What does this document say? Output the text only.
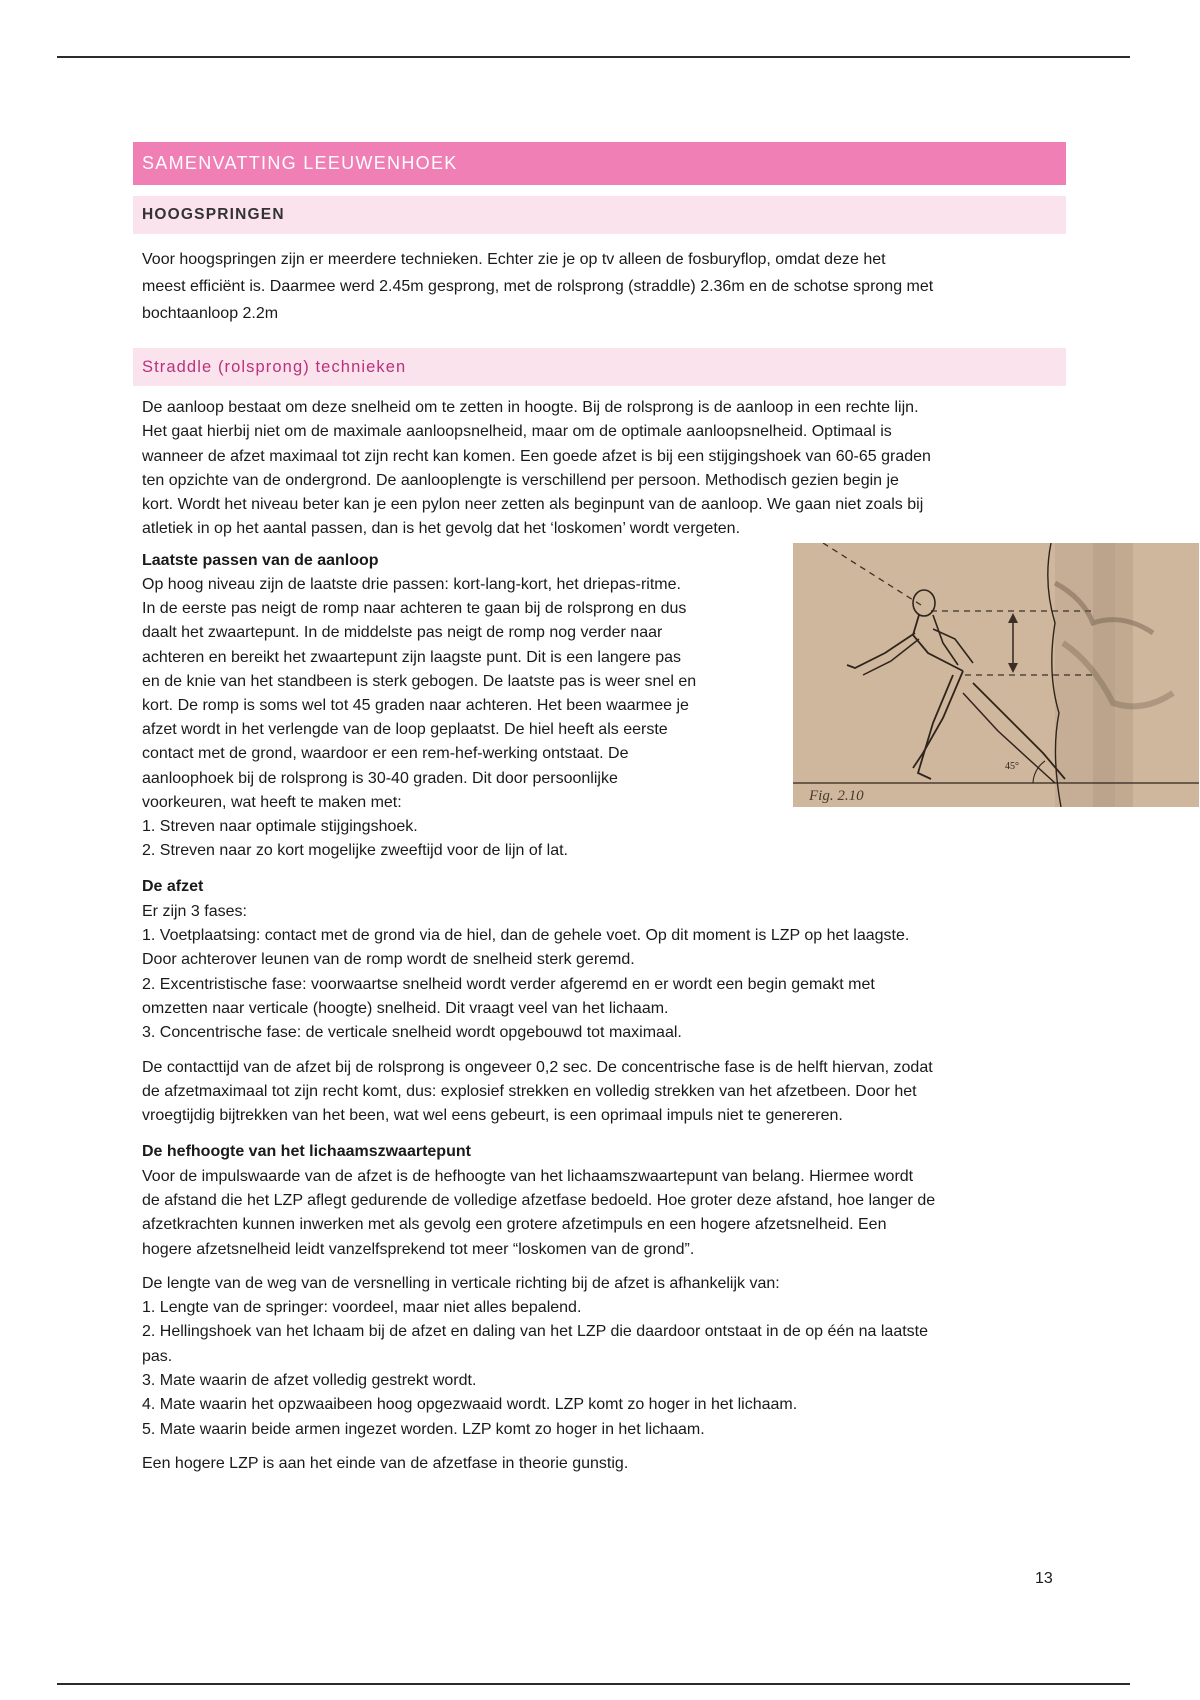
SAMENVATTING LEEUWENHOEK
HOOGSPRINGEN

Voor hoogspringen zijn er meerdere technieken. Echter zie je op tv alleen de fosburyflop, omdat deze het
meest efficiënt is. Daarmee werd 2.45m gesprong, met de rolsprong (straddle) 2.36m en de schotse sprong met
bochtaanloop 2.2m

Straddle (rolsprong) technieken

De aanloop bestaat om deze snelheid om te zetten in hoogte. Bij de rolsprong is de aanloop in een rechte lijn.
Het gaat hierbij niet om de maximale aanloopsnelheid, maar om de optimale aanloopsnelheid. Optimaal is
wanneer de afzet maximaal tot zijn recht kan komen. Een goede afzet is bij een stijgingshoek van 60-65 graden
ten opzichte van de ondergrond. De aanlooplengte is verschillend per persoon. Methodisch gezien begin je
kort. Wordt het niveau beter kan je een pylon neer zetten als beginpunt van de aanloop. We gaan niet zoals bij
atletiek in op het aantal passen, dan is het gevolg dat het ‘loskomen’ wordt vergeten.

Laatste passen van de aanloop
Op hoog niveau zijn de laatste drie passen: kort-lang-kort, het driepas-ritme.
In de eerste pas neigt de romp naar achteren te gaan bij de rolsprong en dus
daalt het zwaartepunt. In de middelste pas neigt de romp nog verder naar
achteren en bereikt het zwaartepunt zijn laagste punt. Dit is een langere pas
en de knie van het standbeen is sterk gebogen. De laatste pas is weer snel en
kort. De romp is soms wel tot 45 graden naar achteren. Het been waarmee je
afzet wordt in het verlengde van de loop geplaatst. De hiel heeft als eerste
contact met de grond, waardoor er een rem-hef-werking ontstaat. De
aanloophoek bij de rolsprong is 30-40 graden. Dit door persoonlijke
voorkeuren, wat heeft te maken met:
1. Streven naar optimale stijgingshoek.
2. Streven naar zo kort mogelijke zweeftijd voor de lijn of lat.
45°
Fig. 2.10

De afzet
Er zijn 3 fases:
1. Voetplaatsing: contact met de grond via de hiel, dan de gehele voet. Op dit moment is LZP op het laagste.
Door achterover leunen van de romp wordt de snelheid sterk geremd.
2. Excentristische fase: voorwaartse snelheid wordt verder afgeremd en er wordt een begin gemakt met
omzetten naar verticale (hoogte) snelheid. Dit vraagt veel van het lichaam.
3. Concentrische fase: de verticale snelheid wordt opgebouwd tot maximaal.

De contacttijd van de afzet bij de rolsprong is ongeveer 0,2 sec. De concentrische fase is de helft hiervan, zodat
de afzetmaximaal tot zijn recht komt, dus: explosief strekken en volledig strekken van het afzetbeen. Door het
vroegtijdig bijtrekken van het been, wat wel eens gebeurt, is een oprimaal impuls niet te genereren.

De hefhoogte van het lichaamszwaartepunt
Voor de impulswaarde van de afzet is de hefhoogte van het lichaamszwaartepunt van belang. Hiermee wordt
de afstand die het LZP aflegt gedurende de volledige afzetfase bedoeld. Hoe groter deze afstand, hoe langer de
afzetkrachten kunnen inwerken met als gevolg een grotere afzetimpuls en een hogere afzetsnelheid. Een
hogere afzetsnelheid leidt vanzelfsprekend tot meer “loskomen van de grond”.

De lengte van de weg van de versnelling in verticale richting bij de afzet is afhankelijk van:
1. Lengte van de springer: voordeel, maar niet alles bepalend.
2. Hellingshoek van het lchaam bij de afzet en daling van het LZP die daardoor ontstaat in de op één na laatste
pas.
3. Mate waarin de afzet volledig gestrekt wordt.
4. Mate waarin het opzwaaibeen hoog opgezwaaid wordt. LZP komt zo hoger in het lichaam.
5. Mate waarin beide armen ingezet worden. LZP komt zo hoger in het lichaam.

Een hogere LZP is aan het einde van de afzetfase in theorie gunstig.

13
